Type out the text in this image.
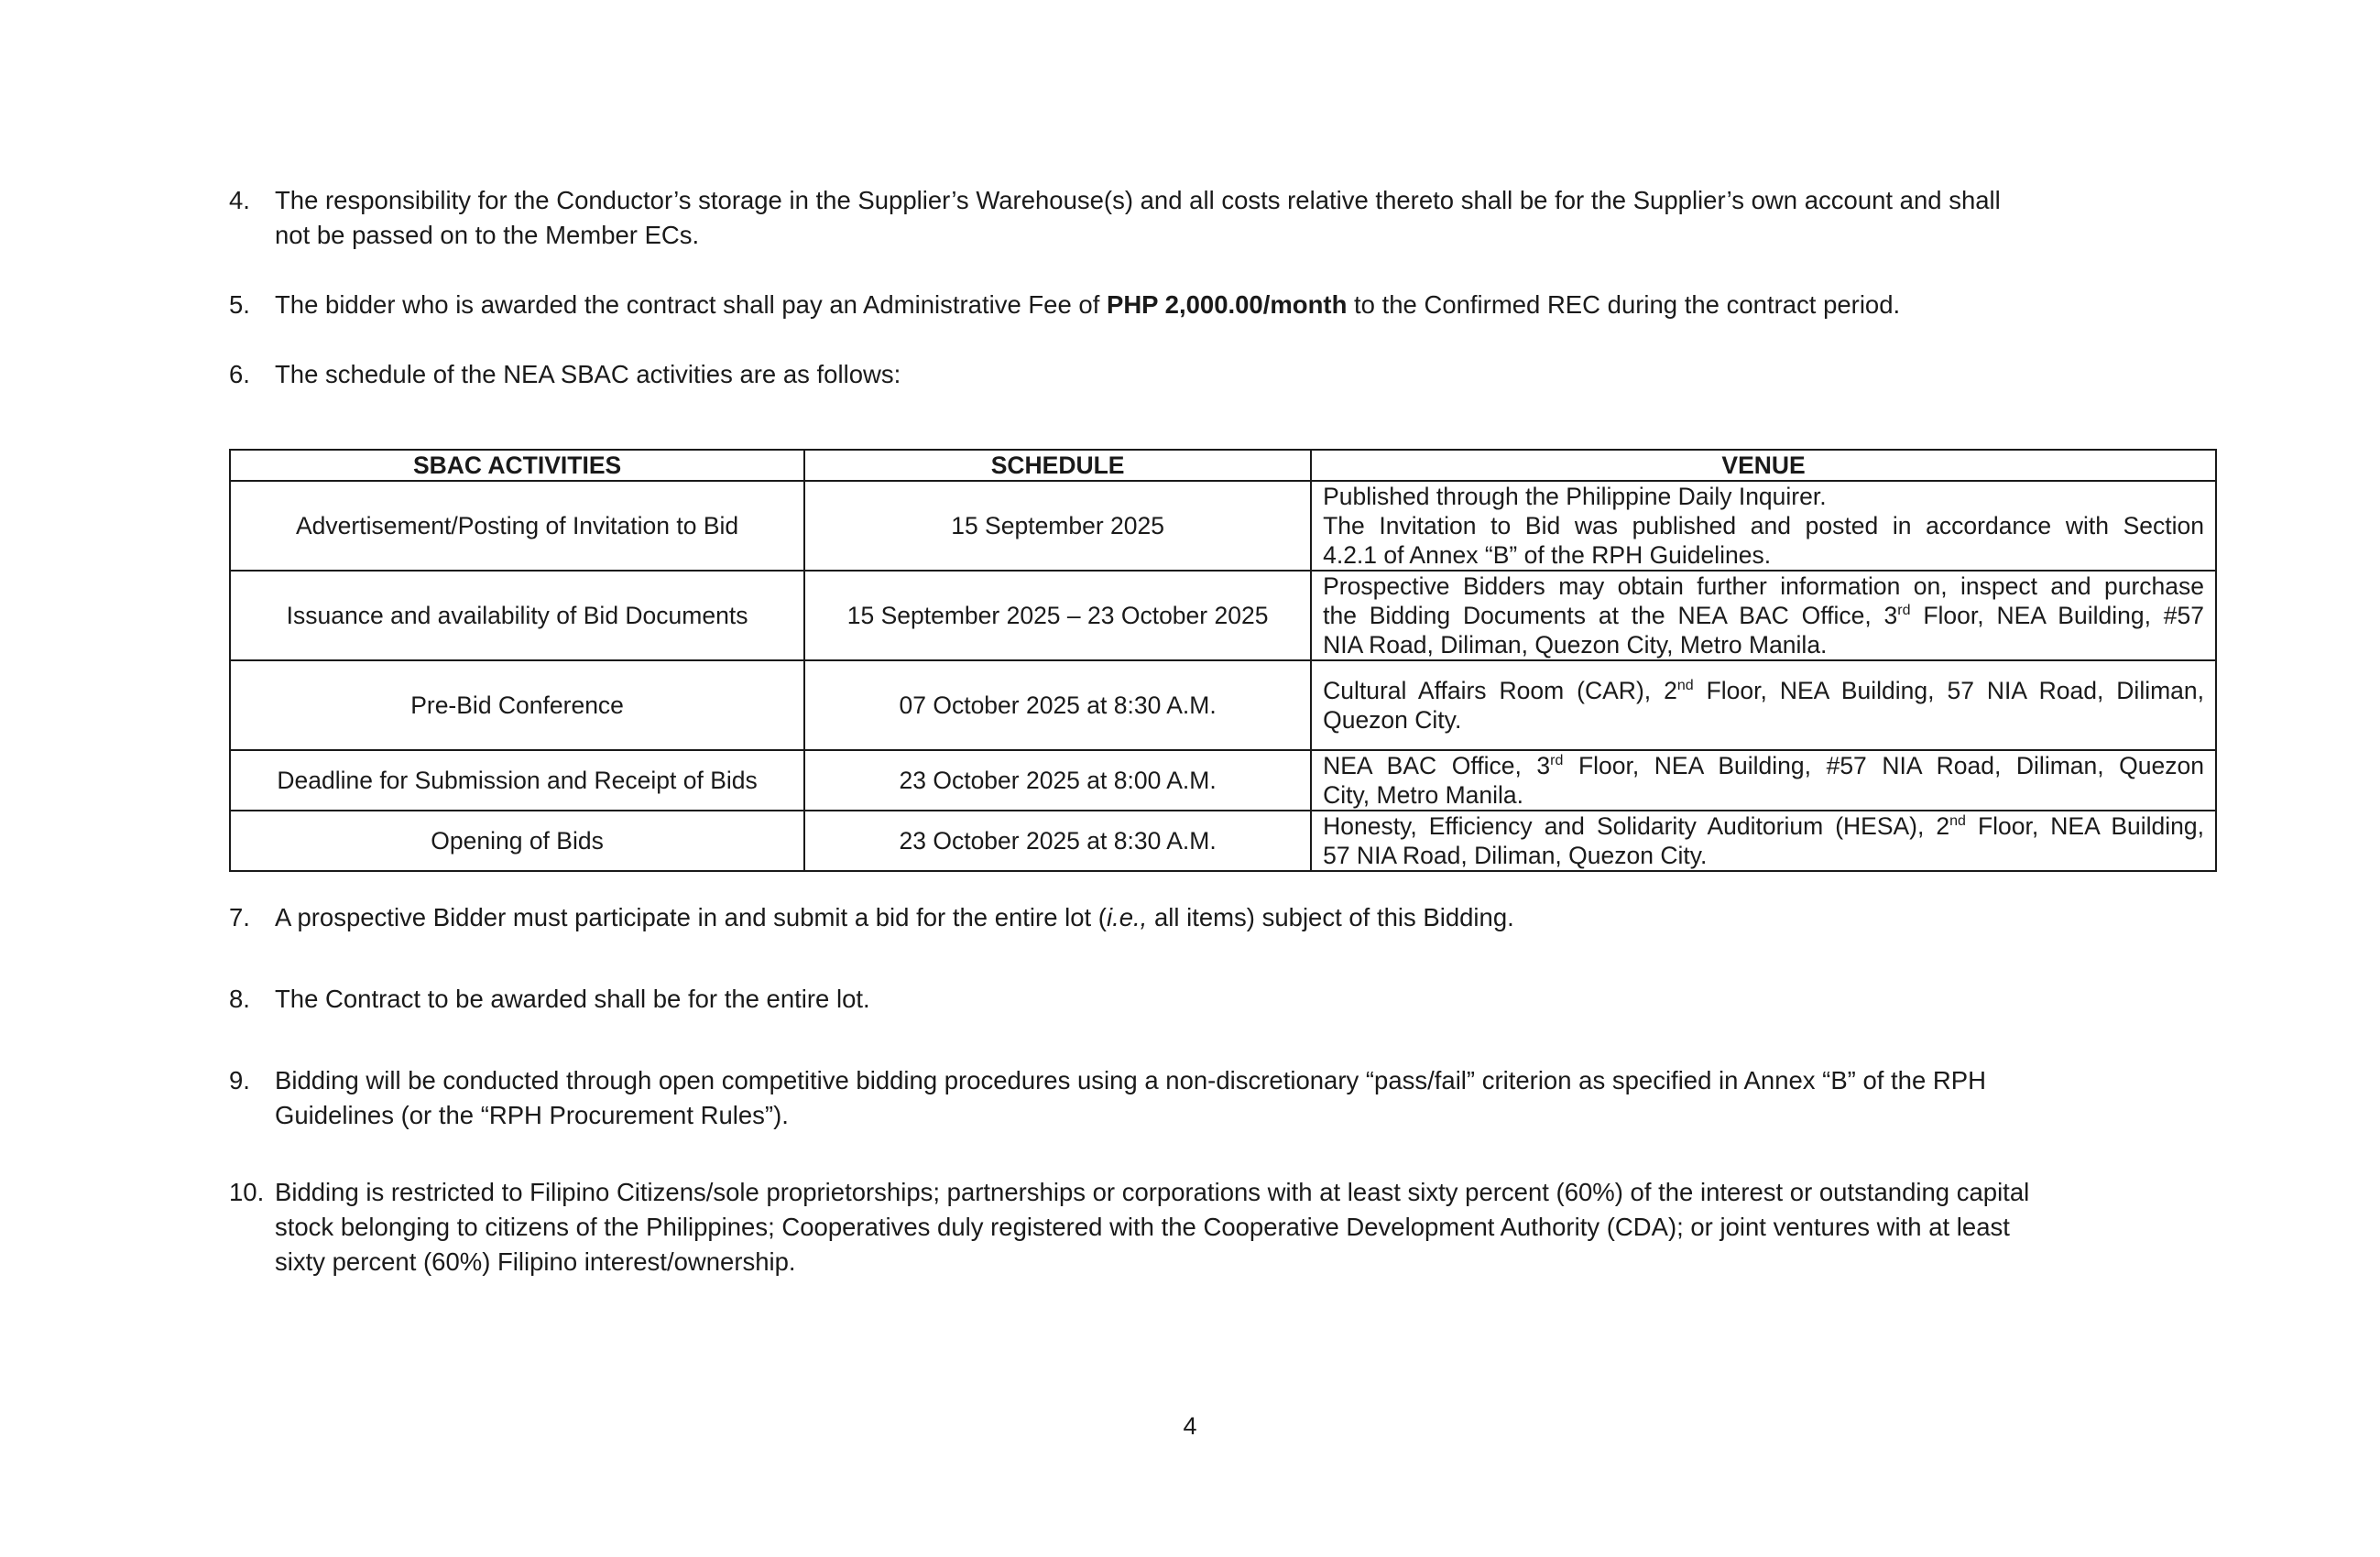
4. The responsibility for the Conductor’s storage in the Supplier’s Warehouse(s) and all costs relative thereto shall be for the Supplier’s own account and shall
not be passed on to the Member ECs.
5. The bidder who is awarded the contract shall pay an Administrative Fee of PHP 2,000.00/month to the Confirmed REC during the contract period.
6. The schedule of the NEA SBAC activities are as follows:
SBAC ACTIVITIES	SCHEDULE	VENUE
Advertisement/Posting of Invitation to Bid	15 September 2025	Published through the Philippine Daily Inquirer.
The Invitation to Bid was published and posted in accordance with Section
4.2.1 of Annex “B” of the RPH Guidelines.

Issuance and availability of Bid Documents	15 September 2025 – 23 October 2025	Prospective Bidders may obtain further information on, inspect and purchase
the Bidding Documents at the NEA BAC Office, 3rd Floor, NEA Building, #57
NIA Road, Diliman, Quezon City, Metro Manila.

Pre-Bid Conference	07 October 2025 at 8:30 A.M.	Cultural Affairs Room (CAR), 2nd Floor, NEA Building, 57 NIA Road, Diliman,
Quezon City.

Deadline for Submission and Receipt of Bids	23 October 2025 at 8:00 A.M.	NEA BAC Office, 3rd Floor, NEA Building, #57 NIA Road, Diliman, Quezon
City, Metro Manila.

Opening of Bids	23 October 2025 at 8:30 A.M.	Honesty, Efficiency and Solidarity Auditorium (HESA), 2nd Floor, NEA Building,
57 NIA Road, Diliman, Quezon City.
7. A prospective Bidder must participate in and submit a bid for the entire lot (i.e., all items) subject of this Bidding.
8. The Contract to be awarded shall be for the entire lot.
9. Bidding will be conducted through open competitive bidding procedures using a non-discretionary “pass/fail” criterion as specified in Annex “B” of the RPH
Guidelines (or the “RPH Procurement Rules”).
10. Bidding is restricted to Filipino Citizens/sole proprietorships; partnerships or corporations with at least sixty percent (60%) of the interest or outstanding capital
stock belonging to citizens of the Philippines; Cooperatives duly registered with the Cooperative Development Authority (CDA); or joint ventures with at least
sixty percent (60%) Filipino interest/ownership.
4
